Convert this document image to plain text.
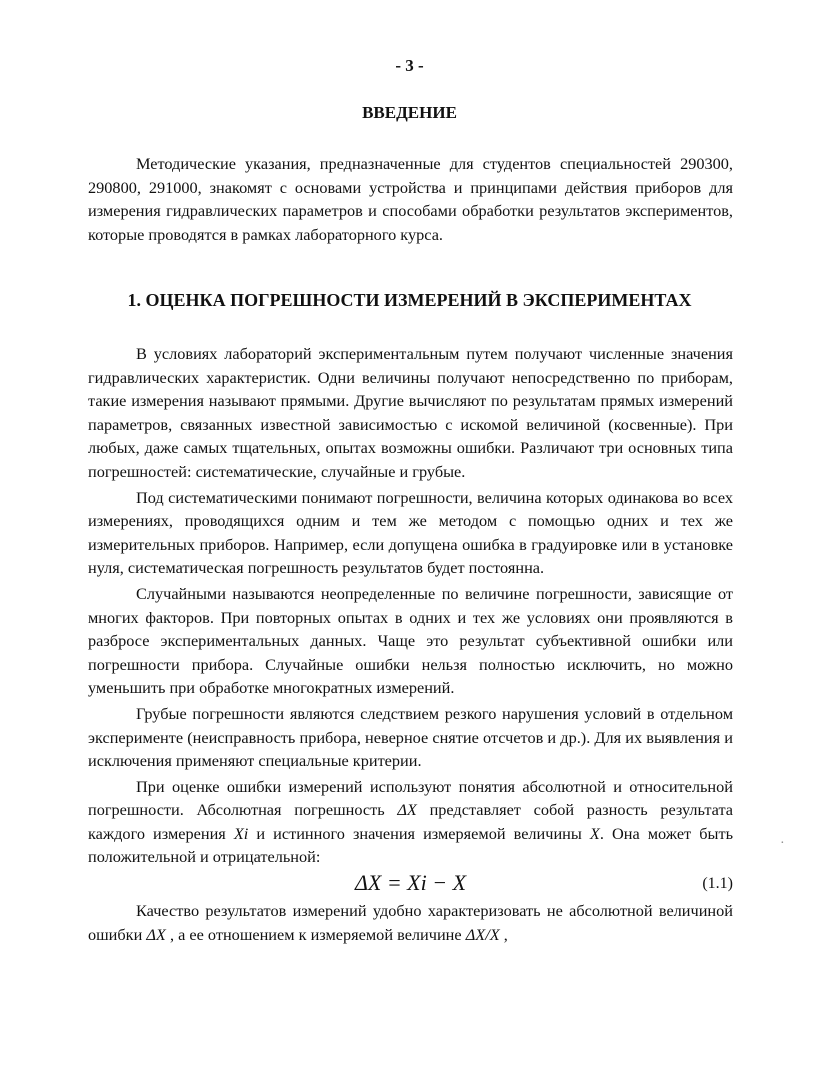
- 3 -
ВВЕДЕНИЕ

Методические указания, предназначенные для студентов специальностей 290300, 290800, 291000, знакомят с основами устройства и принципами действия приборов для измерения гидравлических параметров и способами обработки результатов экспериментов, которые проводятся в рамках лабораторного курса.

1. ОЦЕНКА ПОГРЕШНОСТИ ИЗМЕРЕНИЙ В ЭКСПЕРИМЕНТАХ

В условиях лабораторий экспериментальным путем получают численные значения гидравлических характеристик. Одни величины получают непосредственно по приборам, такие измерения называют прямыми. Другие вычисляют по результатам прямых измерений параметров, связанных известной зависимостью с искомой величиной (косвенные). При любых, даже самых тщательных, опытах возможны ошибки. Различают три основных типа погрешностей: систематические, случайные и грубые.

Под систематическими понимают погрешности, величина которых одинакова во всех измерениях, проводящихся одним и тем же методом с помощью одних и тех же измерительных приборов. Например, если допущена ошибка в градуировке или в установке нуля, систематическая погрешность результатов будет постоянна.

Случайными называются неопределенные по величине погрешности, зависящие от многих факторов. При повторных опытах в одних и тех же условиях они проявляются в разбросе экспериментальных данных. Чаще это результат субъективной ошибки или погрешности прибора. Случайные ошибки нельзя полностью исключить, но можно уменьшить при обработке многократных измерений.

Грубые погрешности являются следствием резкого нарушения условий в отдельном эксперименте (неисправность прибора, неверное снятие отсчетов и др.). Для их выявления и исключения применяют специальные критерии.

При оценке ошибки измерений используют понятия абсолютной и относительной погрешности. Абсолютная погрешность ΔX представляет собой разность результата каждого измерения Xi и истинного значения измеряемой величины X. Она может быть положительной и отрицательной:

ΔX = Xi − X	(1.1)

Качество результатов измерений удобно характеризовать не абсолютной величиной ошибки ΔX , а ее отношением к измеряемой величине ΔX/X ,

·
